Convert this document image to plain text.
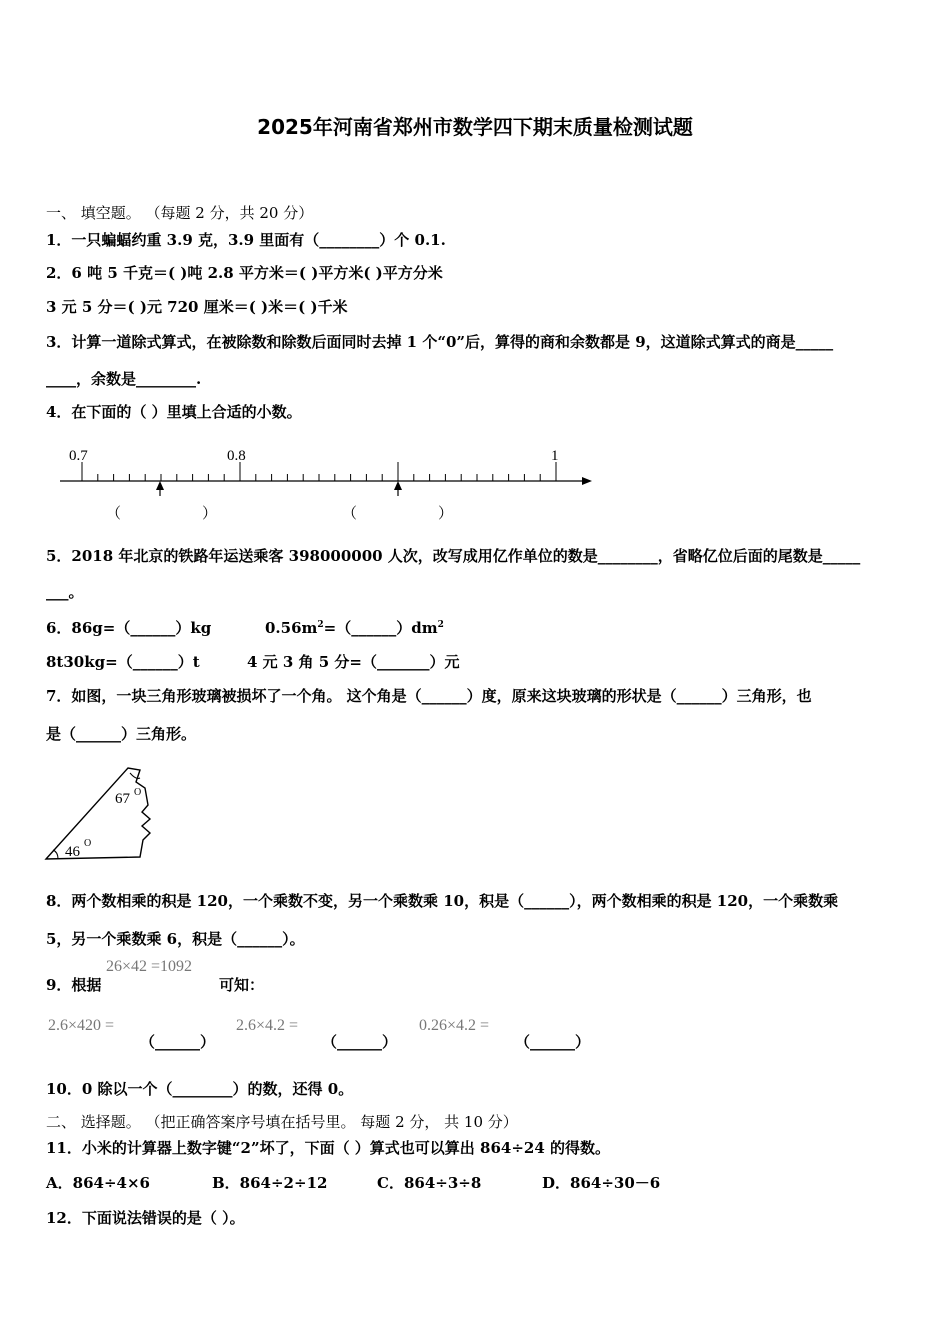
2025年河南省郑州市数学四下期末质量检测试题
一、 填空题。 （每题 2 分，共 20 分）
1．一只蝙蝠约重 3.9 克，3.9 里面有（________）个 0.1.
2．6 吨 5 千克＝( )吨 2.8 平方米＝( )平方米( )平方分米
3 元 5 分＝( )元 720 厘米＝( )米＝( )千米
3．计算一道除式算式，在被除数和除数后面同时去掉 1 个“0”后，算得的商和余数都是 9，这道除式算式的商是_____
____，余数是________.
4．在下面的（ ）里填上合适的小数。
0.7	0.8	1
（	）	（	）
5．2018 年北京的铁路年运送乘客 398000000 人次，改写成用亿作单位的数是________，省略亿位后面的尾数是_____
___。
6．86g=（______）kg	$0.56m^2=(\_\_\_\_\_\_)dm^2$
8t30kg=（______）t	4 元 3 角 5 分=（_______）元
7．如图，一块三角形玻璃被损坏了一个角。 这个角是（______）度，原来这块玻璃的形状是（______）三角形，也
是（______）三角形。
67 O
46
O
8．两个数相乘的积是 120，一个乘数不变，另一个乘数乘 10，积是（______），两个数相乘的积是 120，一个乘数乘
5，另一个乘数乘 6，积是（______）。
9．根据
26×42 =1092
可知：
2.6×420 =
（______）
2.6×4.2 =
（______）
0.26×4.2 =
（______）
10．0 除以一个（________）的数，还得 0。
二、 选择题。 （把正确答案序号填在括号里。 每题 2 分， 共 10 分）
11．小米的计算器上数字键“2”坏了，下面（ ）算式也可以算出 864÷24 的得数。
A．864÷4×6	B．864÷2÷12	C．864÷3÷8	D．864÷30－6
12．下面说法错误的是（ ）。
